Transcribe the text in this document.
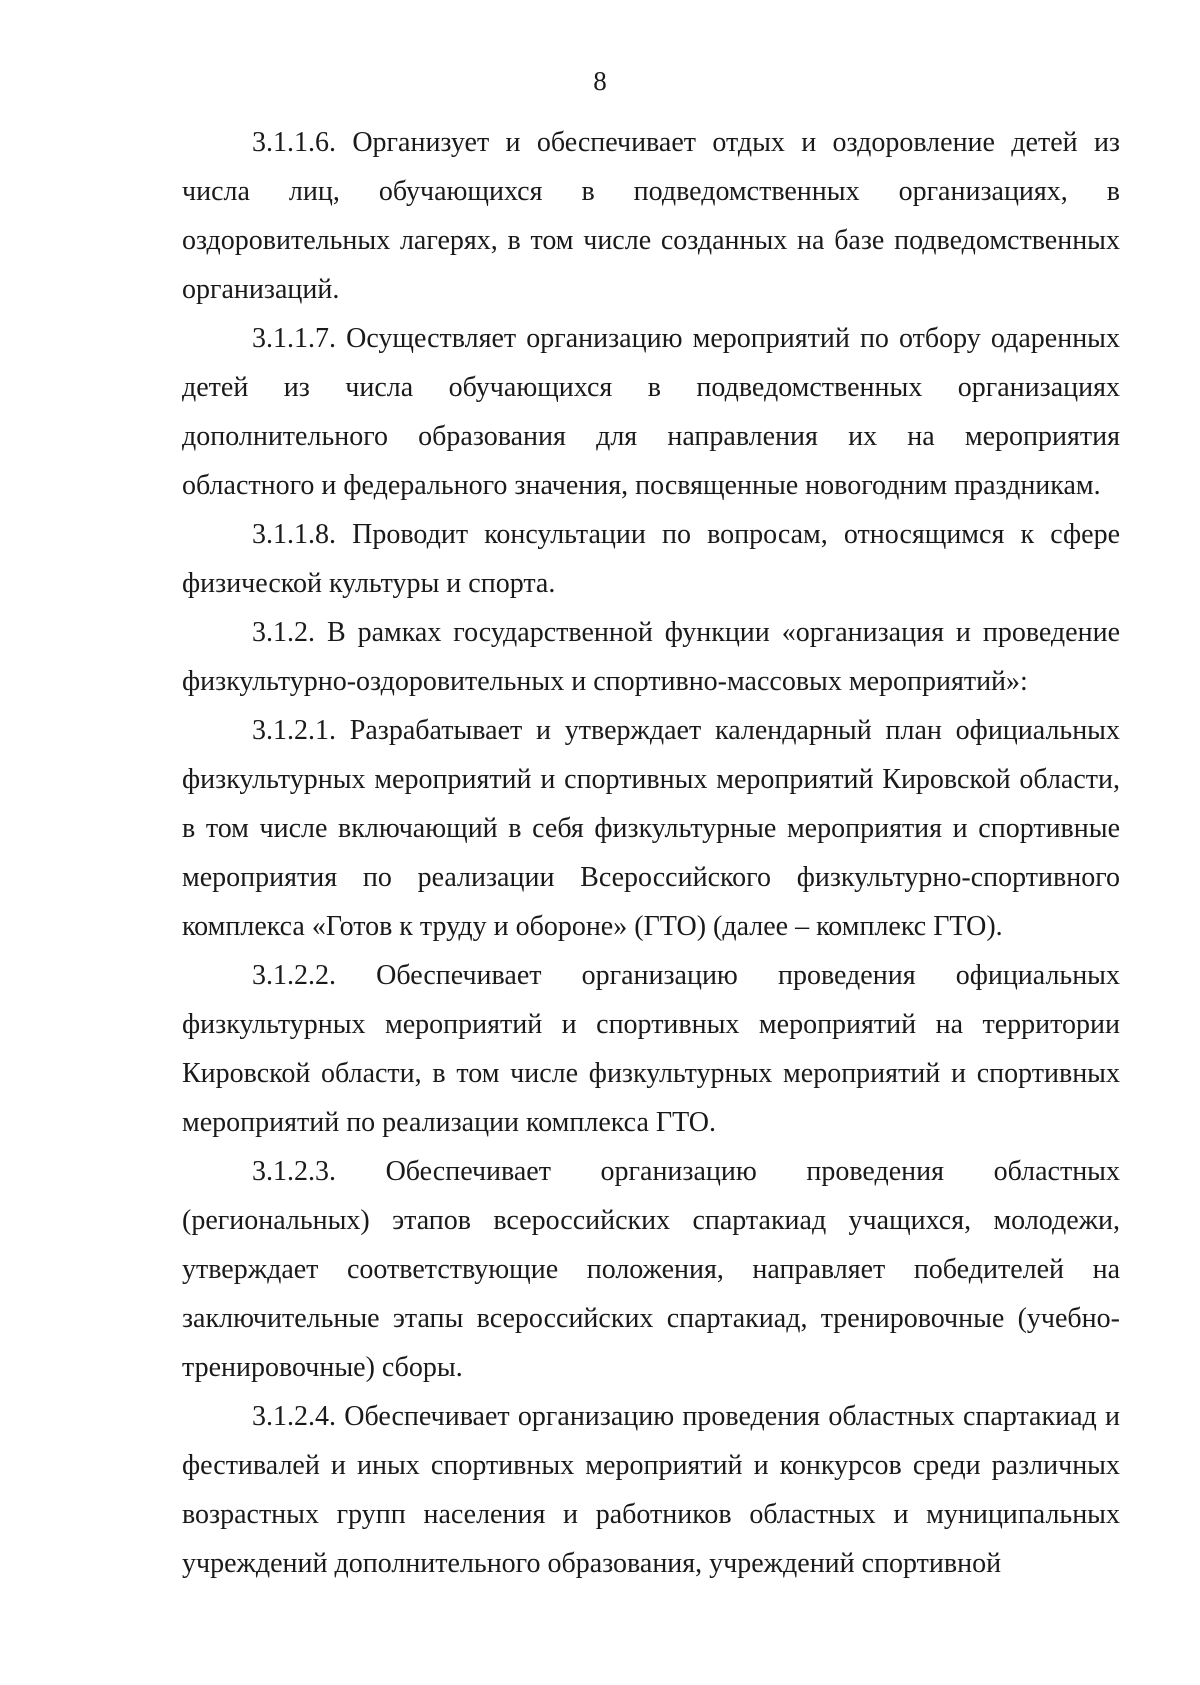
8

3.1.1.6. Организует и обеспечивает отдых и оздоровление детей из числа лиц, обучающихся в подведомственных организациях, в оздоровительных лагерях, в том числе созданных на базе подведомственных организаций.

3.1.1.7. Осуществляет организацию мероприятий по отбору одаренных детей из числа обучающихся в подведомственных организациях дополнительного образования для направления их на мероприятия областного и федерального значения, посвященные новогодним праздникам.

3.1.1.8. Проводит консультации по вопросам, относящимся к сфере физической культуры и спорта.

3.1.2. В рамках государственной функции «организация и проведение физкультурно-оздоровительных и спортивно-массовых мероприятий»:

3.1.2.1. Разрабатывает и утверждает календарный план официальных физкультурных мероприятий и спортивных мероприятий Кировской области, в том числе включающий в себя физкультурные мероприятия и спортивные мероприятия по реализации Всероссийского физкультурно-спортивного комплекса «Готов к труду и обороне» (ГТО) (далее – комплекс ГТО).

3.1.2.2. Обеспечивает организацию проведения официальных физкультурных мероприятий и спортивных мероприятий на территории Кировской области, в том числе физкультурных мероприятий и спортивных мероприятий по реализации комплекса ГТО.

3.1.2.3. Обеспечивает организацию проведения областных (региональных) этапов всероссийских спартакиад учащихся, молодежи, утверждает соответствующие положения, направляет победителей на заключительные этапы всероссийских спартакиад, тренировочные (учебно-тренировочные) сборы.

3.1.2.4. Обеспечивает организацию проведения областных спартакиад и фестивалей и иных спортивных мероприятий и конкурсов среди различных возрастных групп населения и работников областных и муниципальных учреждений дополнительного образования, учреждений спортивной
